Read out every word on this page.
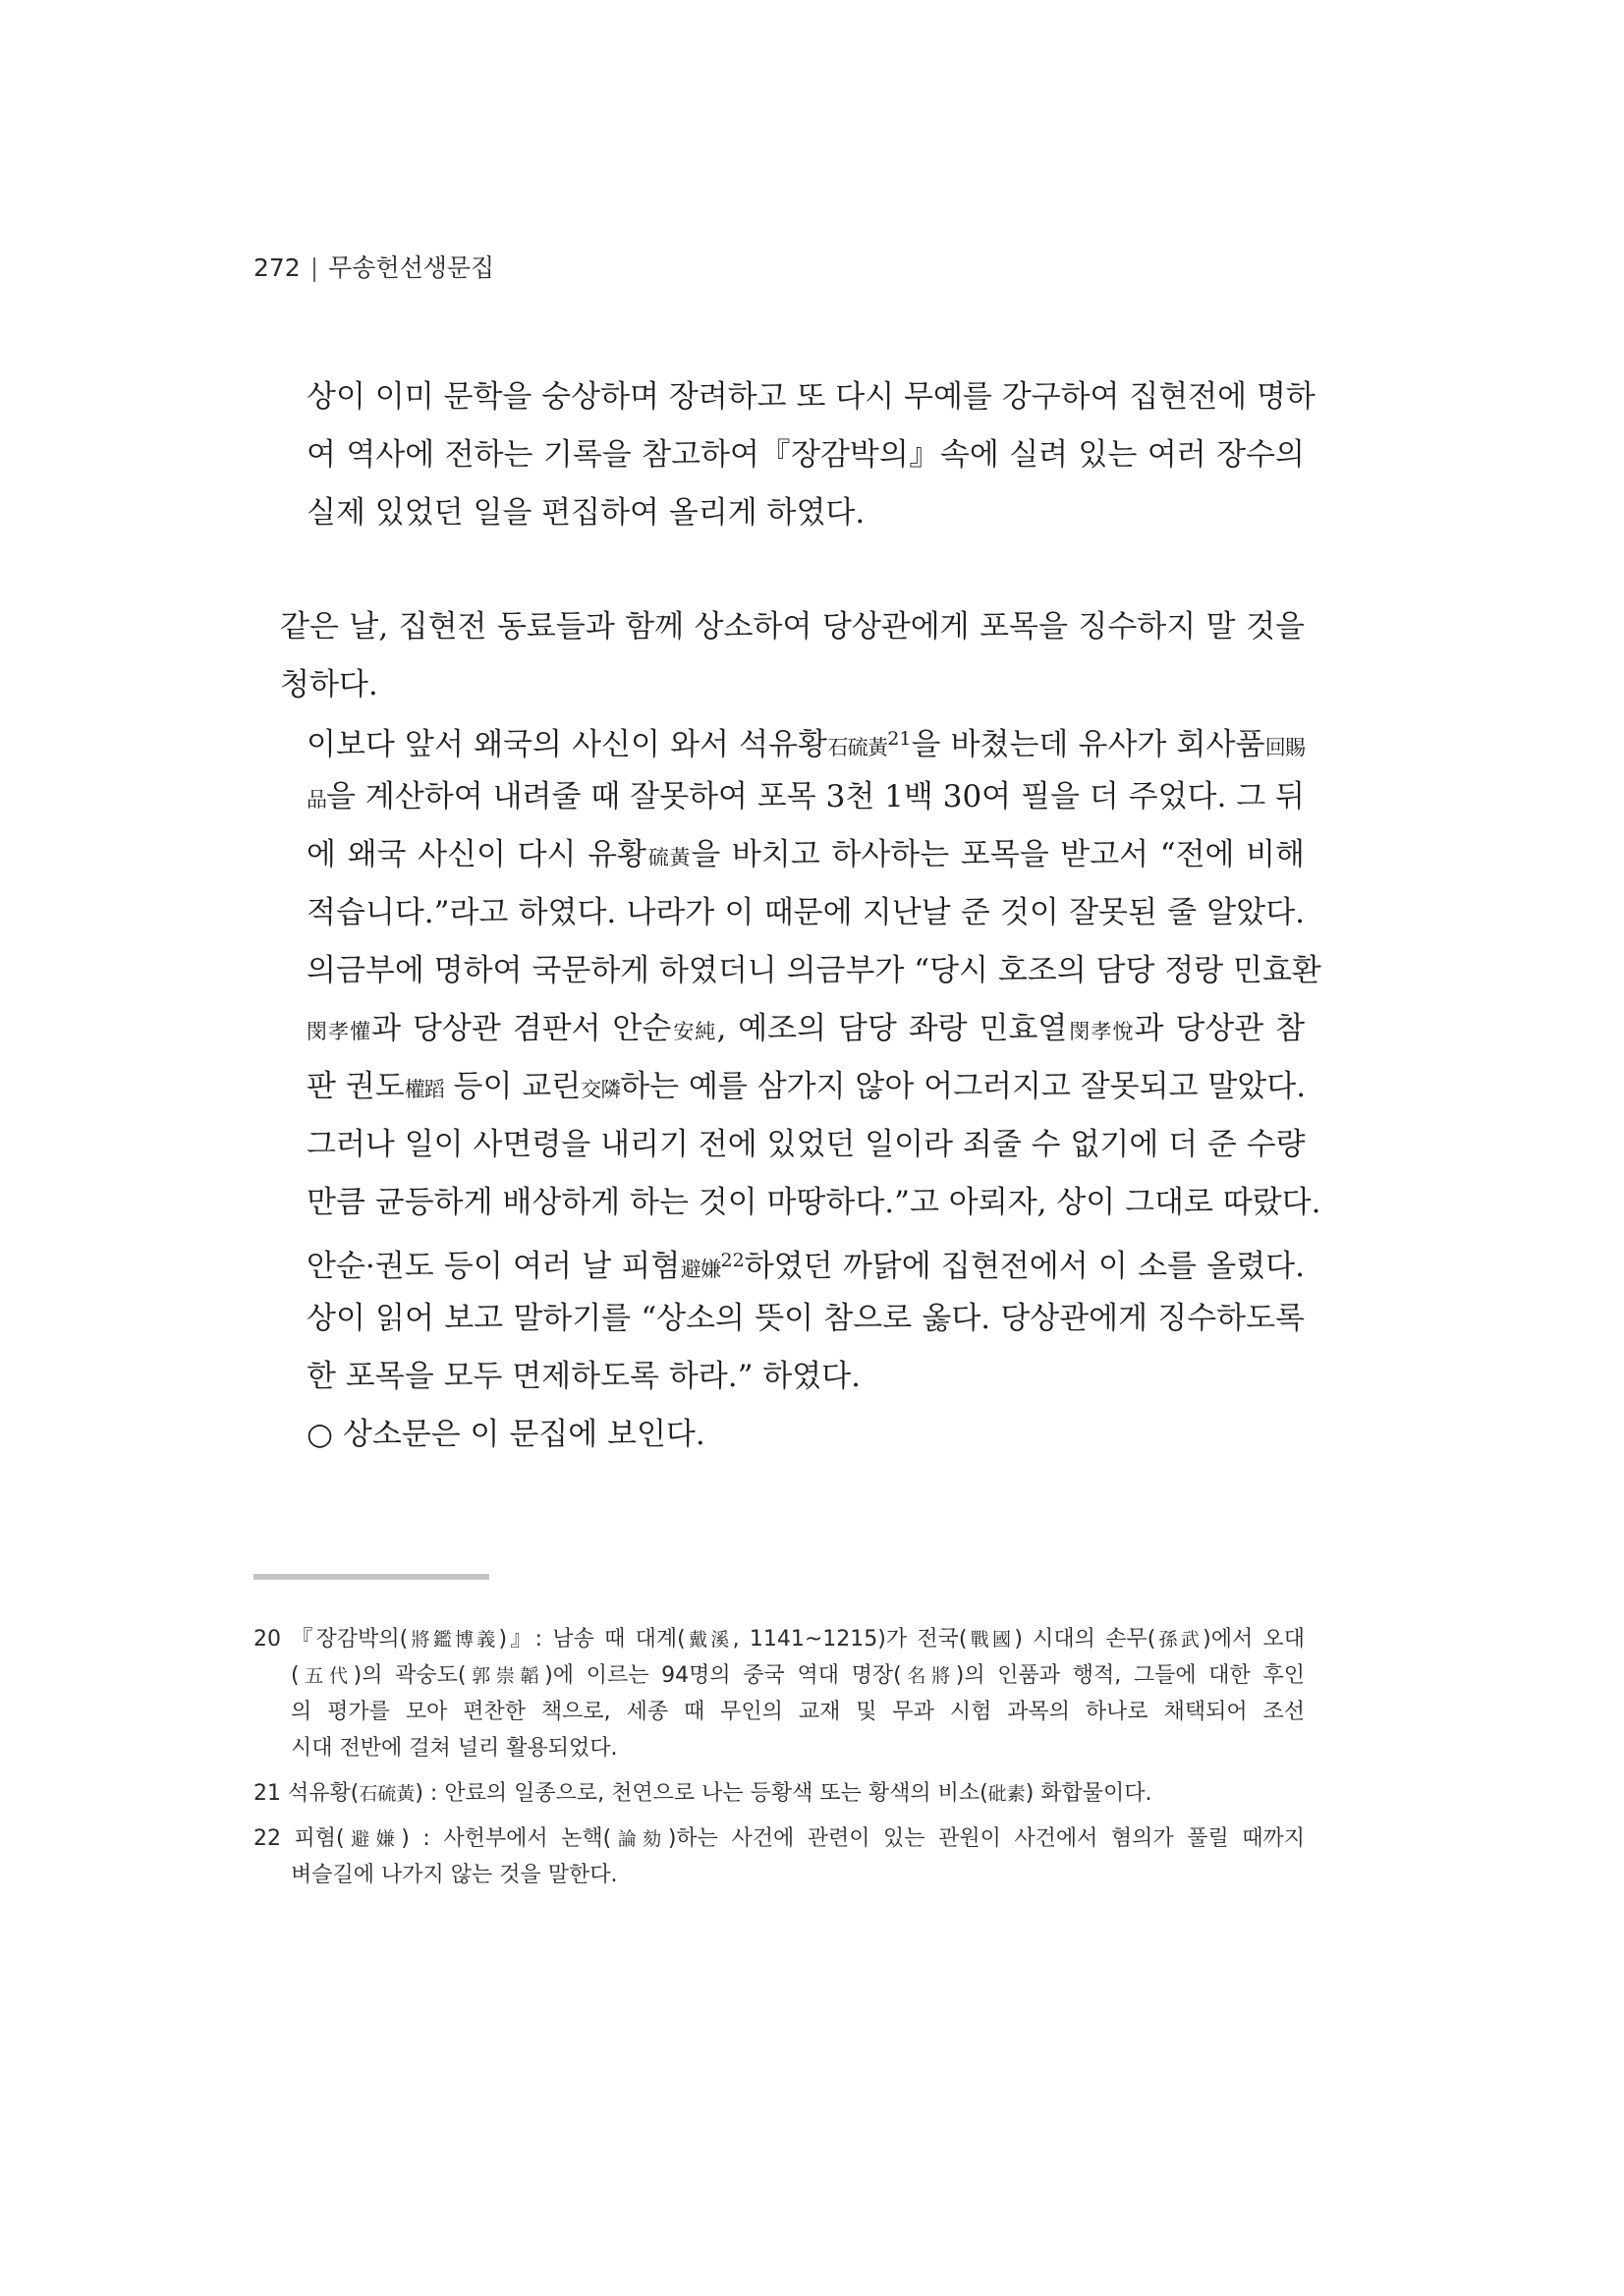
272 | 무송헌선생문집

상이 이미 문학을 숭상하며 장려하고 또 다시 무예를 강구하여 집현전에 명하

여 역사에 전하는 기록을 참고하여『장감박의』속에 실려 있는 여러 장수의

실제 있었던 일을 편집하여 올리게 하였다.

같은 날, 집현전 동료들과 함께 상소하여 당상관에게 포목을 징수하지 말 것을

청하다.

이보다 앞서 왜국의 사신이 와서 석유황石硫黃$^{21}$을 바쳤는데 유사가 회사품回賜

品을 계산하여 내려줄 때 잘못하여 포목 3천 1백 30여 필을 더 주었다. 그 뒤

에 왜국 사신이 다시 유황硫黃을 바치고 하사하는 포목을 받고서 “전에 비해

적습니다.”라고 하였다. 나라가 이 때문에 지난날 준 것이 잘못된 줄 알았다.

의금부에 명하여 국문하게 하였더니 의금부가 “당시 호조의 담당 정랑 민효환

閔孝懽과 당상관 겸판서 안순安純, 예조의 담당 좌랑 민효열閔孝悅과 당상관 참

판 권도權蹈 등이 교린交隣하는 예를 삼가지 않아 어그러지고 잘못되고 말았다.

그러나 일이 사면령을 내리기 전에 있었던 일이라 죄줄 수 없기에 더 준 수량

만큼 균등하게 배상하게 하는 것이 마땅하다.”고 아뢰자, 상이 그대로 따랐다.

안순·권도 등이 여러 날 피혐避嫌$^{22}$하였던 까닭에 집현전에서 이 소를 올렸다.

상이 읽어 보고 말하기를 “상소의 뜻이 참으로 옳다. 당상관에게 징수하도록

한 포목을 모두 면제하도록 하라.” 하였다.

○ 상소문은 이 문집에 보인다.

20 『장감박의(將鑑博義)』: 남송 때 대계(戴溪, 1141~1215)가 전국(戰國) 시대의 손무(孫武)에서 오대

(五代)의 곽숭도(郭崇韜)에 이르는 94명의 중국 역대 명장(名將)의 인품과 행적, 그들에 대한 후인

의 평가를 모아 편찬한 책으로, 세종 때 무인의 교재 및 무과 시험 과목의 하나로 채택되어 조선

시대 전반에 걸쳐 널리 활용되었다.

21 석유황(石硫黃) : 안료의 일종으로, 천연으로 나는 등황색 또는 황색의 비소(砒素) 화합물이다.

22 피혐(避嫌) : 사헌부에서 논핵(論劾)하는 사건에 관련이 있는 관원이 사건에서 혐의가 풀릴 때까지

벼슬길에 나가지 않는 것을 말한다.
